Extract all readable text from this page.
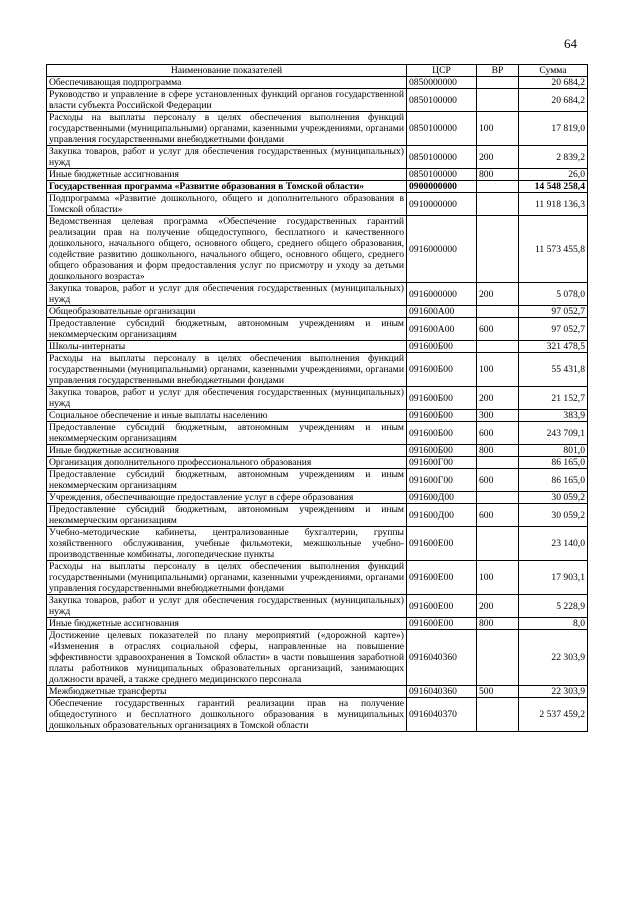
64
Наименование показателей	ЦСР	ВР	Сумма
Обеспечивающая подпрограмма	0850000000		20 684,2
Руководство и управление в сфере установленных функций органов государственной власти субъекта Российской Федерации	0850100000		20 684,2
Расходы на выплаты персоналу в целях обеспечения выполнения функций государственными (муниципальными) органами, казенными учреждениями, органами управления государственными внебюджетными фондами	0850100000	100	17 819,0
Закупка товаров, работ и услуг для обеспечения государственных (муниципальных) нужд	0850100000	200	2 839,2
Иные бюджетные ассигнования	0850100000	800	26,0
Государственная программа «Развитие образования в Томской области»	0900000000		14 548 258,4
Подпрограмма «Развитие дошкольного, общего и дополнительного образования в Томской области»	0910000000		11 918 136,3
Ведомственная целевая программа «Обеспечение государственных гарантий реализации прав на получение общедоступного, бесплатного и качественного дошкольного, начального общего, основного общего, среднего общего образования, содействие развитию дошкольного, начального общего, основного общего, среднего общего образования и форм предоставления услуг по присмотру и уходу за детьми дошкольного возраста»	0916000000		11 573 455,8
Закупка товаров, работ и услуг для обеспечения государственных (муниципальных) нужд	0916000000	200	5 078,0
Общеобразовательные организации	091600А00		97 052,7
Предоставление субсидий бюджетным, автономным учреждениям и иным некоммерческим организациям	091600А00	600	97 052,7
Школы-интернаты	091600Б00		321 478,5
Расходы на выплаты персоналу в целях обеспечения выполнения функций государственными (муниципальными) органами, казенными учреждениями, органами управления государственными внебюджетными фондами	091600Б00	100	55 431,8
Закупка товаров, работ и услуг для обеспечения государственных (муниципальных) нужд	091600Б00	200	21 152,7
Социальное обеспечение и иные выплаты населению	091600Б00	300	383,9
Предоставление субсидий бюджетным, автономным учреждениям и иным некоммерческим организациям	091600Б00	600	243 709,1
Иные бюджетные ассигнования	091600Б00	800	801,0
Организация дополнительного профессионального образования	091600Г00		86 165,0
Предоставление субсидий бюджетным, автономным учреждениям и иным некоммерческим организациям	091600Г00	600	86 165,0
Учреждения, обеспечивающие предоставление услуг в сфере образования	091600Д00		30 059,2
Предоставление субсидий бюджетным, автономным учреждениям и иным некоммерческим организациям	091600Д00	600	30 059,2
Учебно-методические кабинеты, централизованные бухгалтерии, группы хозяйственного обслуживания, учебные фильмотеки, межшкольные учебно-производственные комбинаты, логопедические пункты	091600Е00		23 140,0
Расходы на выплаты персоналу в целях обеспечения выполнения функций государственными (муниципальными) органами, казенными учреждениями, органами управления государственными внебюджетными фондами	091600Е00	100	17 903,1
Закупка товаров, работ и услуг для обеспечения государственных (муниципальных) нужд	091600Е00	200	5 228,9
Иные бюджетные ассигнования	091600Е00	800	8,0
Достижение целевых показателей по плану мероприятий («дорожной карте») «Изменения в отраслях социальной сферы, направленные на повышение эффективности здравоохранения в Томской области» в части повышения заработной платы работников муниципальных образовательных организаций, занимающих должности врачей, а также среднего медицинского персонала	0916040360		22 303,9
Межбюджетные трансферты	0916040360	500	22 303,9
Обеспечение государственных гарантий реализации прав на получение общедоступного и бесплатного дошкольного образования в муниципальных дошкольных образовательных организациях в Томской области	0916040370		2 537 459,2
